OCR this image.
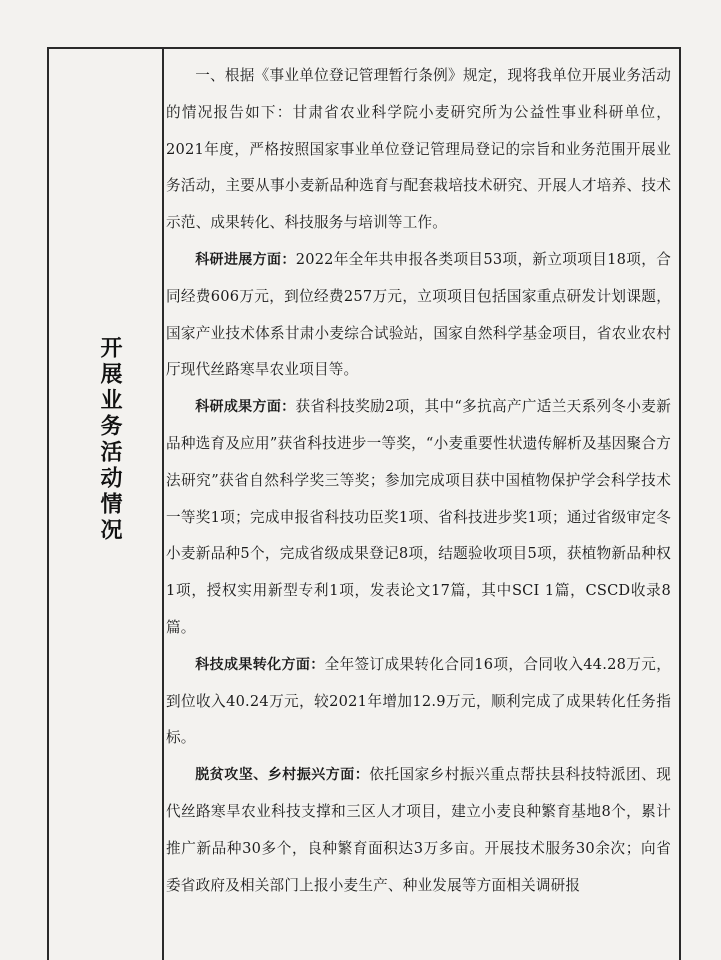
开展业务活动情况

一、根据《事业单位登记管理暂行条例》规定，现将我单位开展业务活动的情况报告如下：甘肃省农业科学院小麦研究所为公益性事业科研单位，2021年度，严格按照国家事业单位登记管理局登记的宗旨和业务范围开展业务活动，主要从事小麦新品种选育与配套栽培技术研究、开展人才培养、技术示范、成果转化、科技服务与培训等工作。

科研进展方面：2022年全年共申报各类项目53项，新立项项目18项，合同经费606万元，到位经费257万元，立项项目包括国家重点研发计划课题，国家产业技术体系甘肃小麦综合试验站，国家自然科学基金项目，省农业农村厅现代丝路寒旱农业项目等。

科研成果方面：获省科技奖励2项，其中“多抗高产广适兰天系列冬小麦新品种选育及应用”获省科技进步一等奖，“小麦重要性状遗传解析及基因聚合方法研究”获省自然科学奖三等奖；参加完成项目获中国植物保护学会科学技术一等奖1项；完成申报省科技功臣奖1项、省科技进步奖1项；通过省级审定冬小麦新品种5个，完成省级成果登记8项，结题验收项目5项，获植物新品种权1项，授权实用新型专利1项，发表论文17篇，其中SCI 1篇，CSCD收录8篇。

科技成果转化方面：全年签订成果转化合同16项，合同收入44.28万元，到位收入40.24万元，较2021年增加12.9万元，顺利完成了成果转化任务指标。

脱贫攻坚、乡村振兴方面：依托国家乡村振兴重点帮扶县科技特派团、现代丝路寒旱农业科技支撑和三区人才项目，建立小麦良种繁育基地8个，累计推广新品种30多个，良种繁育面积达3万多亩。开展技术服务30余次；向省委省政府及相关部门上报小麦生产、种业发展等方面相关调研报
